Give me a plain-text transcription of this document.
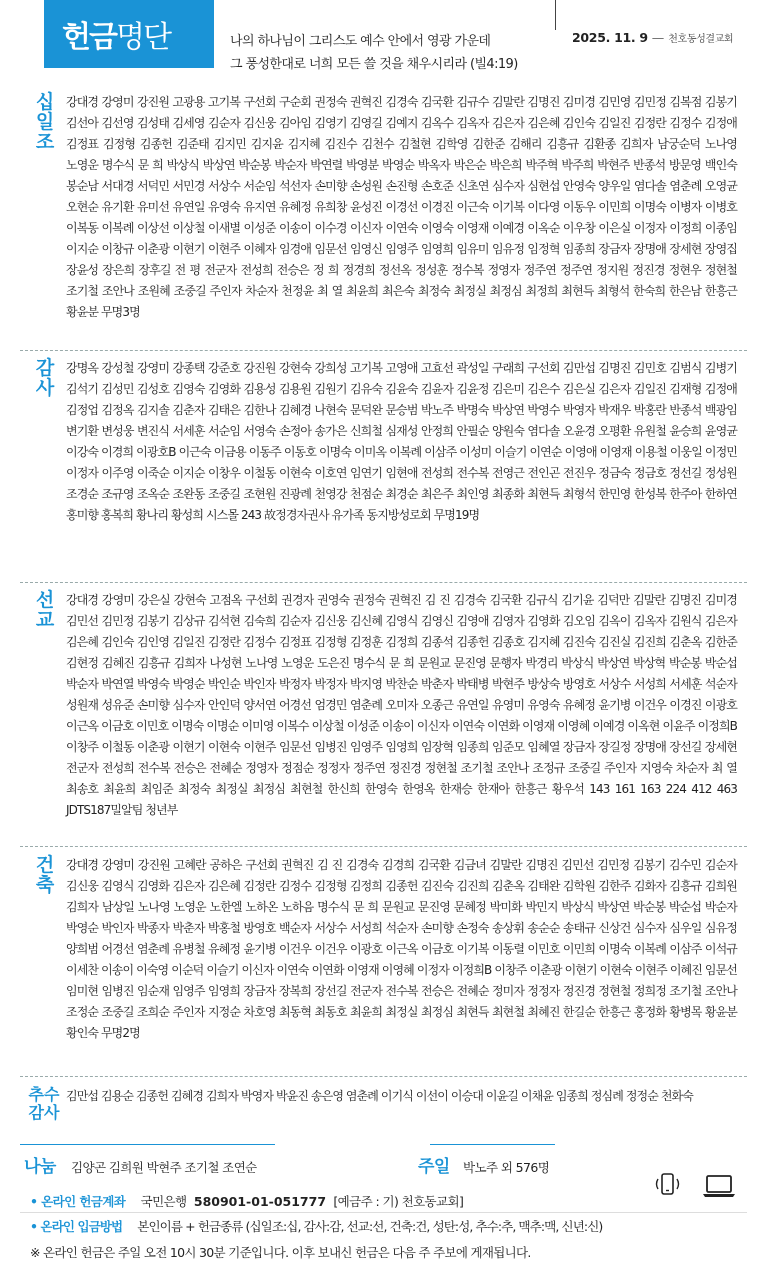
헌금 명단	나의 하나님이 그리스도 예수 안에서 영광 가운데
그 풍성한대로 너희 모든 쓸 것을 채우시리라 (빌4:19)
2025. 11. 9 — 천호동성결교회
십일조
강대경 강영미 강진원 고광용 고기복 구선회 구순회 권정숙 권혁진 김경숙 김국환 김규수 김말란 김명진 김미경 김민영 김민정 김복점 김봉기 김선아 김선영 김성태 김세영 김순자 김신웅 김아임 김영기 김영길 김예지 김옥수 김옥자 김은자 김은혜 김인숙 김일진 김정란 김정수 김정애 김정표 김정형 김종헌 김준태 김지민 김지윤 김지혜 김진수 김천수 김철현 김학영 김한준 김해리 김흥규 김환종 김희자 남궁순덕 노나영 노영운 명수식 문 희 박상식 박상연 박순봉 박순자 박연렬 박영분 박영순 박옥자 박은순 박은희 박주혁 박주희 박현주 반종석 방문영 백인숙 봉순남 서대경 서덕민 서민경 서상수 서순임 석선자 손미향 손성원 손진형 손호준 신초연 심수자 심현섭 안영숙 양우일 염다솔 염춘례 오영균 오현순 유기환 유미선 유연일 유영숙 유지연 유혜정 유희창 윤성진 이경선 이경진 이근숙 이기복 이다영 이동우 이민희 이명숙 이병자 이병호 이복동 이복례 이상선 이상철 이새별 이성준 이송이 이수경 이신자 이연숙 이영숙 이영재 이예경 이옥순 이우창 이은실 이정자 이정희 이종임 이지순 이창규 이춘광 이현기 이현주 이혜자 임경애 임문선 임영신 임영주 임영희 임유미 임유정 임정혁 임종희 장금자 장명애 장세현 장영집 장윤성 장은희 장후길 전 평 전군자 전성희 전승은 정 희 정경희 정선옥 정성훈 정수복 정영자 정주연 정주연 정지원 정진경 정현우 정현철 조기철 조안나 조원혜 조중길 주인자 차순자 천정윤 최 열 최윤희 최은숙 최정숙 최정실 최정심 최정희 최현득 최형석 한숙희 한은남 한흥근 황윤분 무명3명
감사
강명옥 강성철 강영미 강종택 강준호 강진원 강현숙 강희성 고기복 고영애 고효선 곽성일 구래희 구선회 김만섭 김명진 김민호 김범식 김병기 김석기 김성민 김성호 김영숙 김영화 김용성 김용원 김원기 김유숙 김윤숙 김윤자 김윤정 김은미 김은수 김은실 김은자 김일진 김재형 김정애 김정업 김정옥 김지솔 김춘자 김태은 김한나 김혜경 나현숙 문덕완 문승범 박노주 박명숙 박상연 박영수 박영자 박재우 박홍란 반종석 백광임 변기환 변성웅 변진식 서세훈 서순임 서영숙 손정아 송가은 신희철 심재성 안정희 안필순 양원숙 염다솔 오윤경 오평환 유원철 윤승희 윤영균 이강숙 이경희 이광호B 이근숙 이금용 이동주 이동호 이명숙 이미옥 이복례 이삼주 이성미 이슬기 이연순 이영애 이영재 이용철 이웅일 이정민 이정자 이주영 이죽순 이지순 이창우 이철동 이현숙 이호연 임연기 임현애 전성희 전수복 전영근 전인곤 전진우 정금숙 정금호 정선길 정성원 조경순 조규영 조옥순 조완동 조중길 조현원 진광례 천영강 천점순 최경순 최은주 최인영 최종화 최현득 최형석 한민영 한성복 한주아 한하연 홍미향 홍복희 황나리 황성희 시스몰 243 故정경자권사 유가족 동지방성로회 무명19명
선교
강대경 강영미 강은실 강현숙 고점옥 구선회 권경자 권영숙 권정숙 권혁진 김 진 김경숙 김국환 김규식 김기윤 김덕만 김말란 김명진 김미경 김민선 김민정 김봉기 김상규 김석현 김숙희 김순자 김신웅 김신혜 김영식 김영신 김영애 김영자 김영화 김오임 김옥이 김옥자 김원식 김은자 김은혜 김인숙 김인영 김일진 김정란 김정수 김정표 김정형 김정훈 김정희 김종석 김종헌 김종호 김지혜 김진숙 김진실 김진희 김춘옥 김한준 김현정 김혜진 김흥규 김희자 나성현 노나영 노영운 도은진 명수식 문 희 문원교 문진영 문행자 박경리 박상식 박상연 박상혁 박순봉 박순섭 박순자 박연열 박영숙 박영순 박인순 박인자 박정자 박정자 박지영 박찬순 박춘자 박태병 박현주 방상숙 방영호 서상수 서성희 서세훈 석순자 성원재 성유준 손미향 심수자 안인덕 양서연 어경선 엄경민 염춘례 오미자 오종근 유연일 유영미 유영숙 유혜정 윤기병 이건우 이경진 이광호 이근옥 이금호 이민호 이명숙 이명순 이미영 이복수 이상철 이성준 이송이 이신자 이연숙 이연화 이영재 이영혜 이예경 이옥현 이윤주 이정희B 이창주 이철동 이춘광 이현기 이현숙 이현주 임문선 임병진 임영주 임영희 임장혁 임종희 임준모 임혜열 장금자 장길정 장명애 장선길 장세현 전군자 전성희 전수복 전승은 전혜순 정영자 정점순 정정자 정주연 정진경 정현철 조기철 조안나 조정규 조중길 주인자 지영숙 차순자 최 열 최송호 최윤희 최임준 최정숙 최정실 최정심 최현철 한신희 한영숙 한영옥 한재승 한재아 한흥근 황우석 143 161 163 224 412 463 JDTS187밀알팀 청년부
건축
강대경 강영미 강진원 고혜란 공하은 구선회 권혁진 김 진 김경숙 김경희 김국환 김금녀 김말란 김명진 김민선 김민정 김봉기 김수민 김순자 김신웅 김영식 김영화 김은자 김은혜 김정란 김정수 김정형 김정희 김종헌 김진숙 김진희 김춘옥 김태완 김학원 김한주 김화자 김흥규 김희원 김희자 남상일 노나영 노영운 노한엘 노하온 노하음 명수식 문 희 문원교 문진영 문혜정 박미화 박민지 박상식 박상연 박순봉 박순섭 박순자 박영순 박인자 박종자 박춘자 박홍철 방영호 백순자 서상수 서성희 석순자 손미향 손정숙 송상휘 송순순 송태규 신상건 심수자 심우일 심유정 양희범 어경선 염춘례 유병철 유혜정 윤기병 이건우 이건우 이광호 이근옥 이금호 이기복 이동렬 이민호 이민희 이명숙 이복례 이삼주 이석규 이세찬 이송이 이숙영 이순덕 이슬기 이신자 이연숙 이연화 이영재 이영혜 이정자 이정희B 이창주 이춘광 이현기 이현숙 이현주 이혜진 임문선 임미현 임병진 임순재 임영주 임영희 장금자 장복희 장선길 전군자 전수복 전승은 전혜순 정미자 정정자 정진경 정현철 정희정 조기철 조안나 조정순 조중길 조희순 주인자 지정순 차호영 최동혁 최동호 최윤희 최정실 최정심 최현득 최현철 최혜진 한길순 한흥근 홍정화 황병목 황윤분 황인숙 무명2명
추수
감사
김만섭 김용순 김종헌 김혜경 김희자 박영자 박윤진 송은영 염춘례 이기식 이선이 이승대 이윤길 이채윤 임종희 정심례 정정순 천화숙
나눔 김양곤 김희원 박현주 조기철 조연순	주일 박노주 외 576명
• 온라인 헌금계좌 국민은행 580901-01-051777 [예금주 : 기) 천호동교회]
• 온라인 입금방법 본인이름 + 헌금종류 (십일조:십, 감사:감, 선교:선, 건축:건, 성탄:성, 추수:추, 맥추:맥, 신년:신)
※ 온라인 헌금은 주일 오전 10시 30분 기준입니다. 이후 보내신 헌금은 다음 주 주보에 게재됩니다.
